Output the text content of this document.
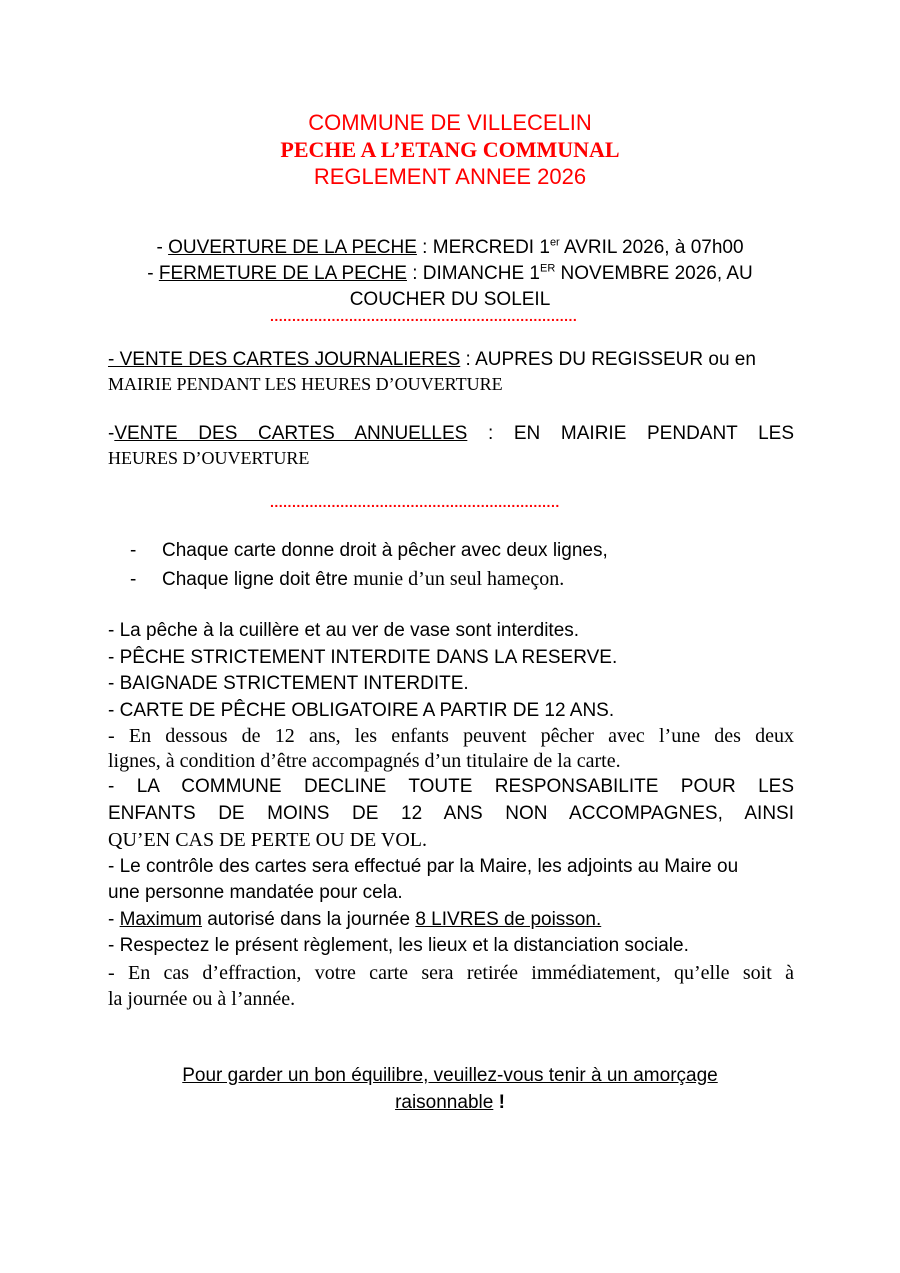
COMMUNE DE VILLECELIN
PECHE A L’ETANG COMMUNAL
REGLEMENT ANNEE 2026
- OUVERTURE DE LA PECHE : MERCREDI 1er AVRIL 2026, à 07h00
- FERMETURE DE LA PECHE : DIMANCHE 1ER NOVEMBRE 2026, AU COUCHER DU SOLEIL
......................................................................
- VENTE DES CARTES JOURNALIERES : AUPRES DU REGISSEUR ou en
MAIRIE PENDANT LES HEURES D’OUVERTURE
-VENTE DES CARTES ANNUELLES : EN MAIRIE PENDANT LES
HEURES D’OUVERTURE
..................................................................
- Chaque carte donne droit à pêcher avec deux lignes,
- Chaque ligne doit être munie d’un seul hameçon.
- La pêche à la cuillère et au ver de vase sont interdites.
- PÊCHE STRICTEMENT INTERDITE DANS LA RESERVE.
- BAIGNADE STRICTEMENT INTERDITE.
- CARTE DE PÊCHE OBLIGATOIRE A PARTIR DE 12 ANS.
- En dessous de 12 ans, les enfants peuvent pêcher avec l’une des deux
lignes, à condition d’être accompagnés d’un titulaire de la carte.
- LA COMMUNE DECLINE TOUTE RESPONSABILITE POUR LES
ENFANTS DE MOINS DE 12 ANS NON ACCOMPAGNES, AINSI
QU’EN CAS DE PERTE OU DE VOL.
- Le contrôle des cartes sera effectué par la Maire, les adjoints au Maire ou
une personne mandatée pour cela.
- Maximum autorisé dans la journée 8 LIVRES de poisson.
- Respectez le présent règlement, les lieux et la distanciation sociale.
- En cas d’effraction, votre carte sera retirée immédiatement, qu’elle soit à
la journée ou à l’année.
Pour garder un bon équilibre, veuillez-vous tenir à un amorçage
raisonnable !
